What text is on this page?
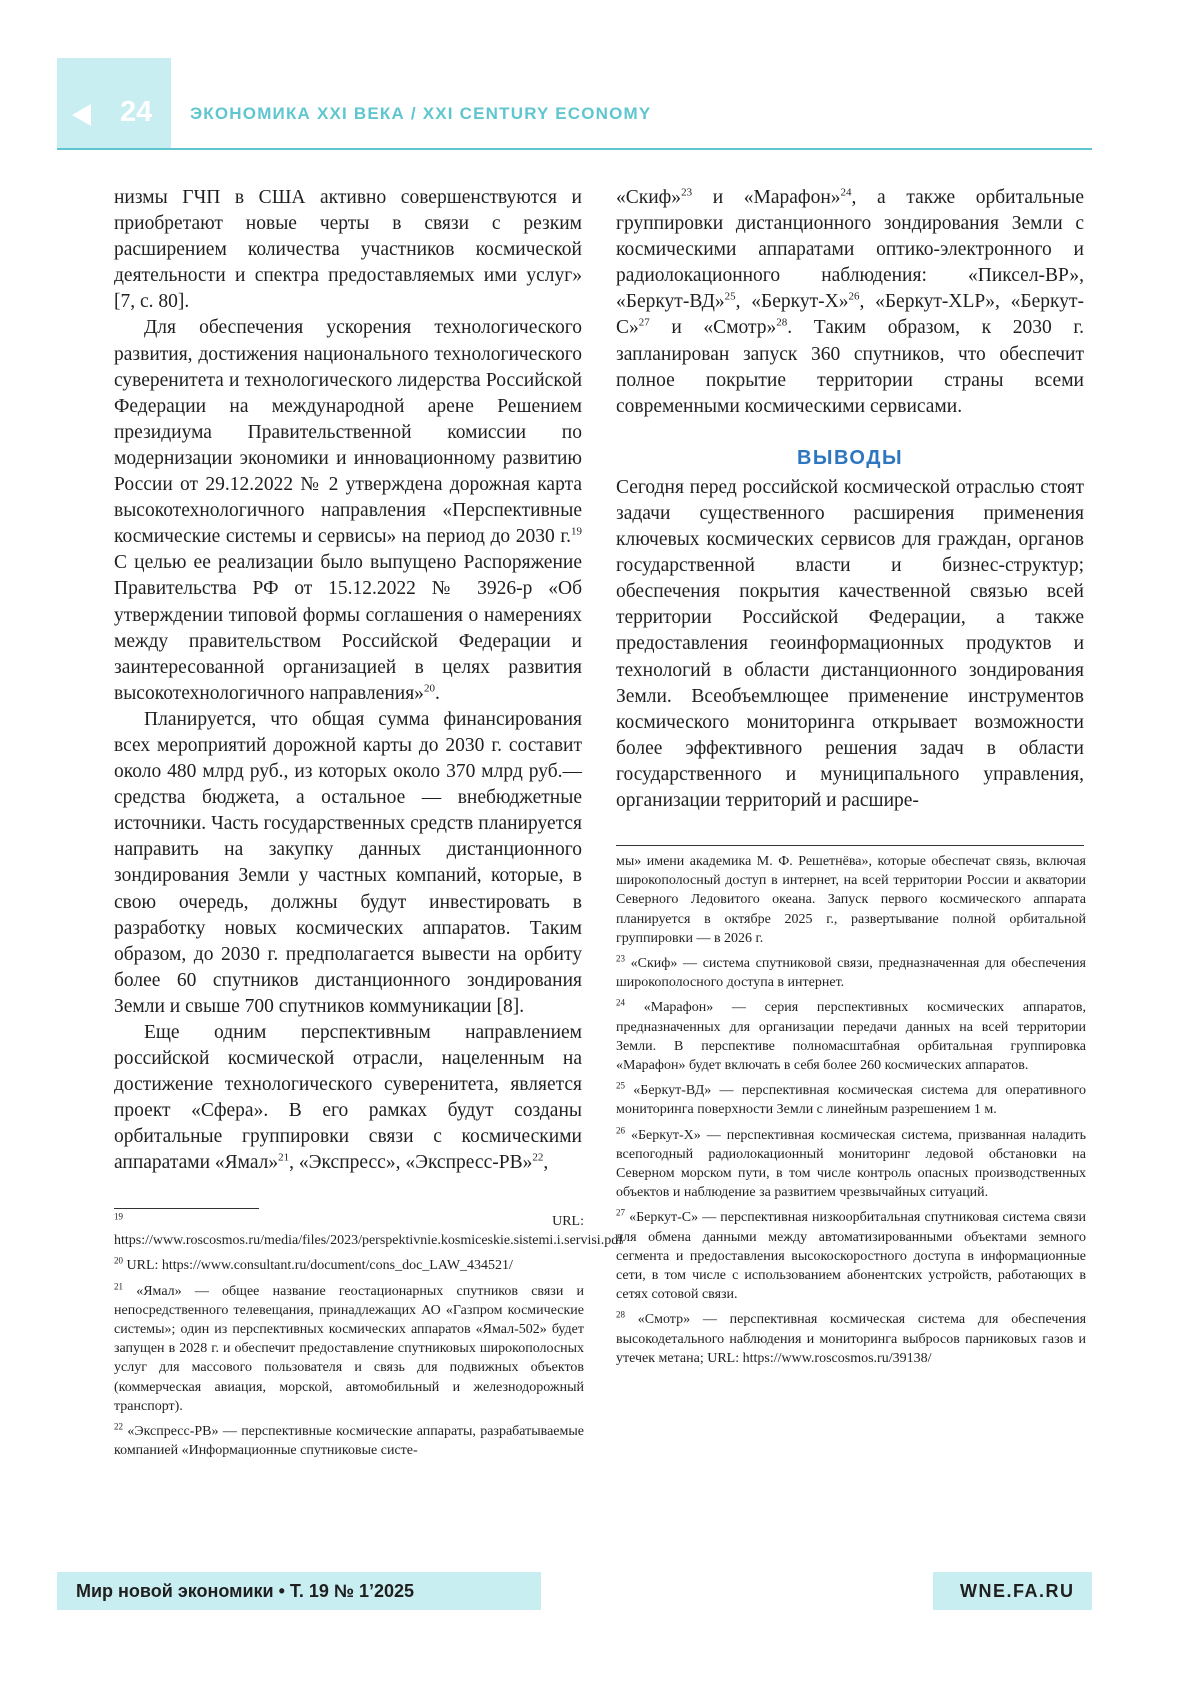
24 ЭКОНОМИКА XXI ВЕКА / XXI CENTURY ECONOMY

низмы ГЧП в США активно совершенствуются и приобретают новые черты в связи с резким расширением количества участников космической деятельности и спектра предоставляемых ими услуг» [7, с. 80].

Для обеспечения ускорения технологического развития, достижения национального технологического суверенитета и технологического лидерства Российской Федерации на международной арене Решением президиума Правительственной комиссии по модернизации экономики и инновационному развитию России от 29.12.2022 № 2 утверждена дорожная карта высокотехнологичного направления «Перспективные космические системы и сервисы» на период до 2030 г.$^{19}$ С целью ее реализации было выпущено Распоряжение Правительства РФ от 15.12.2022 № 3926-р «Об утверждении типовой формы соглашения о намерениях между правительством Российской Федерации и заинтересованной организацией в целях развития высокотехнологичного направления»$^{20}$.

Планируется, что общая сумма финансирования всех мероприятий дорожной карты до 2030 г. составит около 480 млрд руб., из которых около 370 млрд руб.— средства бюджета, а остальное — внебюджетные источники. Часть государственных средств планируется направить на закупку данных дистанционного зондирования Земли у частных компаний, которые, в свою очередь, должны будут инвестировать в разработку новых космических аппаратов. Таким образом, до 2030 г. предполагается вывести на орбиту более 60 спутников дистанционного зондирования Земли и свыше 700 спутников коммуникации [8].

Еще одним перспективным направлением российской космической отрасли, нацеленным на достижение технологического суверенитета, является проект «Сфера». В его рамках будут созданы орбитальные группировки связи с космическими аппаратами «Ямал»$^{21}$, «Экспресс», «Экспресс-РВ»$^{22}$,

«Скиф»$^{23}$ и «Марафон»$^{24}$, а также орбитальные группировки дистанционного зондирования Земли с космическими аппаратами оптико-электронного и радиолокационного наблюдения: «Пиксел-ВР», «Беркут-ВД»$^{25}$, «Беркут-Х»$^{26}$, «Беркут-XLP», «Беркут-С»$^{27}$ и «Смотр»$^{28}$. Таким образом, к 2030 г. запланирован запуск 360 спутников, что обеспечит полное покрытие территории страны всеми современными космическими сервисами.

ВЫВОДЫ

Сегодня перед российской космической отраслью стоят задачи существенного расширения применения ключевых космических сервисов для граждан, органов государственной власти и бизнес-структур; обеспечения покрытия качественной связью всей территории Российской Федерации, а также предоставления геоинформационных продуктов и технологий в области дистанционного зондирования Земли. Всеобъемлющее применение инструментов космического мониторинга открывает возможности более эффективного решения задач в области государственного и муниципального управления, организации территорий и расшире-

$^{19}$	URL: https://www.roscosmos.ru/media/files/2023/perspektivnie.kosmiceskie.sistemi.i.servisi.pdf
$^{20}$ URL: https://www.consultant.ru/document/cons_doc_LAW_434521/
$^{21}$ «Ямал» — общее название геостационарных спутников связи и непосредственного телевещания, принадлежащих АО «Газпром космические системы»; один из перспективных космических аппаратов «Ямал-502» будет запущен в 2028 г. и обеспечит предоставление спутниковых широкополосных услуг для массового пользователя и связь для подвижных объектов (коммерческая авиация, морской, автомобильный и железнодорожный транспорт).
$^{22}$ «Экспресс-РВ» — перспективные космические аппараты, разрабатываемые компанией «Информационные спутниковые систе-
мы» имени академика М. Ф. Решетнёва», которые обеспечат связь, включая широкополосный доступ в интернет, на всей территории России и акватории Северного Ледовитого океана. Запуск первого космического аппарата планируется в октябре 2025 г., развертывание полной орбитальной группировки — в 2026 г.
$^{23}$ «Скиф» — система спутниковой связи, предназначенная для обеспечения широкополосного доступа в интернет.
$^{24}$ «Марафон» — серия перспективных космических аппаратов, предназначенных для организации передачи данных на всей территории Земли. В перспективе полномасштабная орбитальная группировка «Марафон» будет включать в себя более 260 космических аппаратов.
$^{25}$ «Беркут-ВД» — перспективная космическая система для оперативного мониторинга поверхности Земли с линейным разрешением 1 м.
$^{26}$ «Беркут-Х» — перспективная космическая система, призванная наладить всепогодный радиолокационный мониторинг ледовой обстановки на Северном морском пути, в том числе контроль опасных производственных объектов и наблюдение за развитием чрезвычайных ситуаций.
$^{27}$ «Беркут-С» — перспективная низкоорбитальная спутниковая система связи для обмена данными между автоматизированными объектами земного сегмента и предоставления высокоскоростного доступа в информационные сети, в том числе с использованием абонентских устройств, работающих в сетях сотовой связи.
$^{28}$ «Смотр» — перспективная космическая система для обеспечения высокодетального наблюдения и мониторинга выбросов парниковых газов и утечек метана; URL: https://www.roscosmos.ru/39138/
Мир новой экономики • Т. 19 № 1’2025	WNE.FA.RU
